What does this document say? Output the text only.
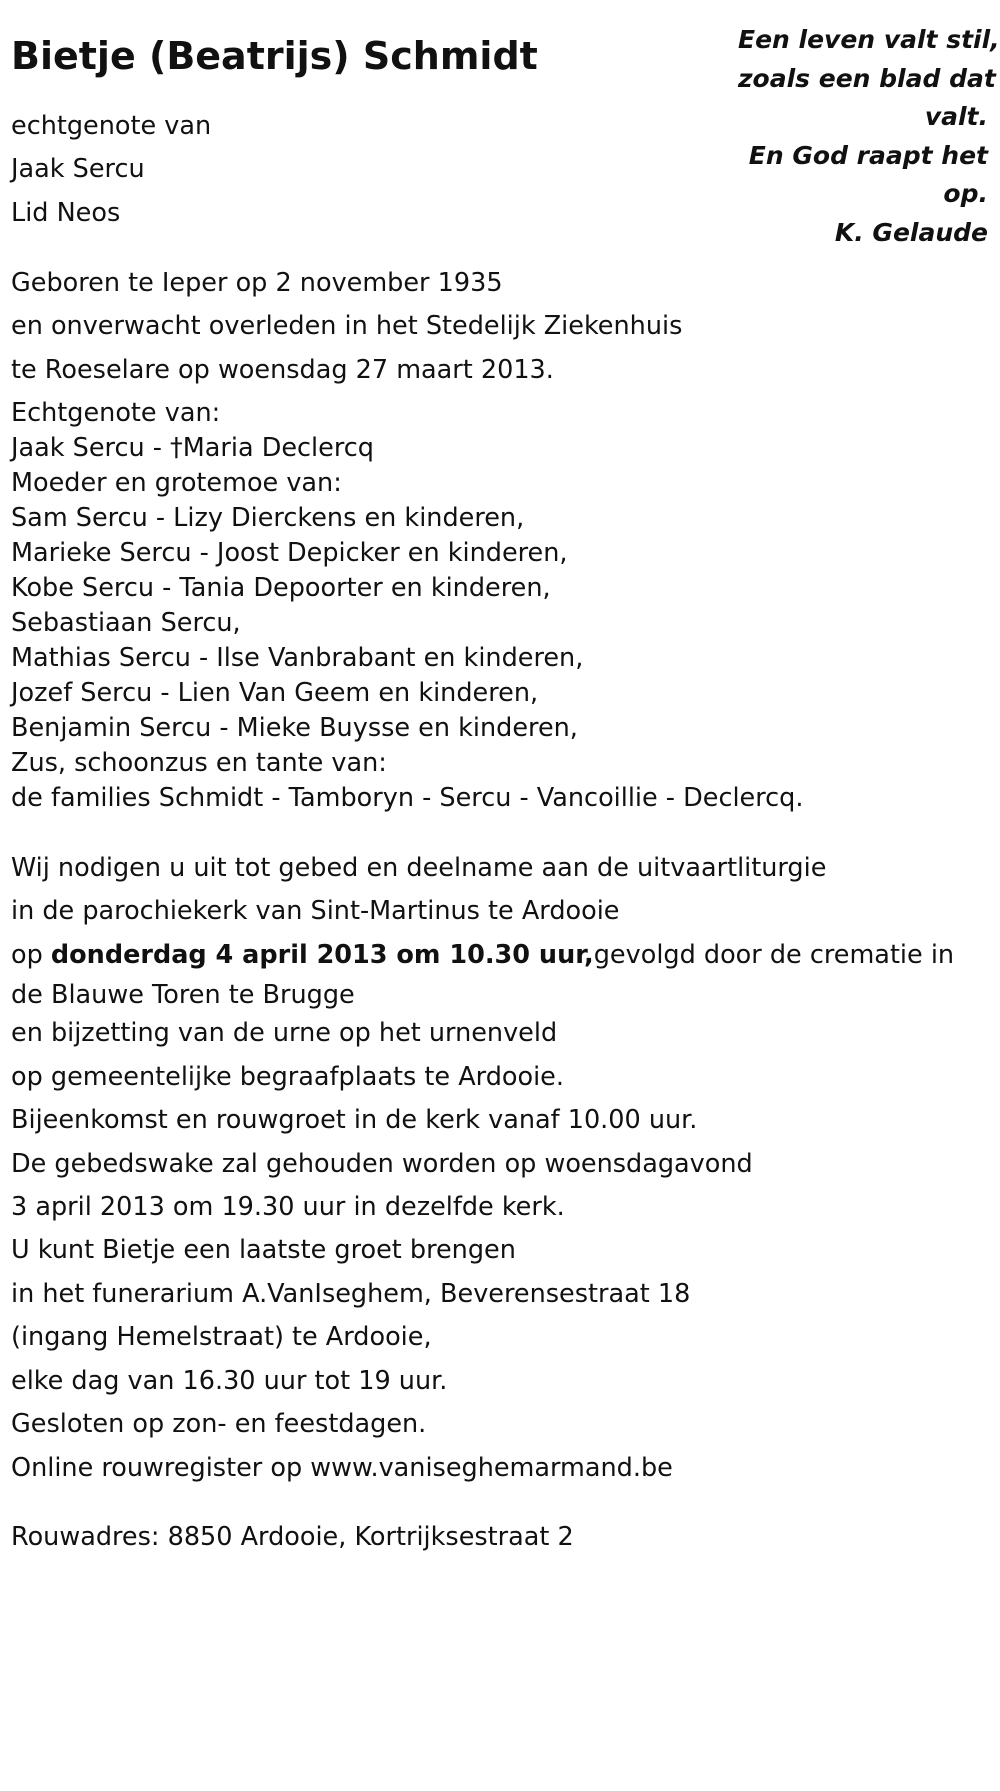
Bietje (Beatrijs) Schmidt	Een leven valt stil,
zoals een blad dat
valt.
En God raapt het
op.
K. Gelaude
echtgenote van
Jaak Sercu
Lid Neos
Geboren te Ieper op 2 november 1935
en onverwacht overleden in het Stedelijk Ziekenhuis
te Roeselare op woensdag 27 maart 2013.
Echtgenote van:
Jaak Sercu - †Maria Declercq
Moeder en grotemoe van:
Sam Sercu - Lizy Dierckens en kinderen,
Marieke Sercu - Joost Depicker en kinderen,
Kobe Sercu - Tania Depoorter en kinderen,
Sebastiaan Sercu,
Mathias Sercu - Ilse Vanbrabant en kinderen,
Jozef Sercu - Lien Van Geem en kinderen,
Benjamin Sercu - Mieke Buysse en kinderen,
Zus, schoonzus en tante van:
de families Schmidt - Tamboryn - Sercu - Vancoillie - Declercq.
Wij nodigen u uit tot gebed en deelname aan de uitvaartliturgie
in de parochiekerk van Sint-Martinus te Ardooie
op donderdag 4 april 2013 om 10.30 uur,gevolgd door de crematie in de Blauwe Toren te Brugge
en bijzetting van de urne op het urnenveld
op gemeentelijke begraafplaats te Ardooie.
Bijeenkomst en rouwgroet in de kerk vanaf 10.00 uur.
De gebedswake zal gehouden worden op woensdagavond
3 april 2013 om 19.30 uur in dezelfde kerk.
U kunt Bietje een laatste groet brengen
in het funerarium A.VanIseghem, Beverensestraat 18
(ingang Hemelstraat) te Ardooie,
elke dag van 16.30 uur tot 19 uur.
Gesloten op zon- en feestdagen.
Online rouwregister op www.vaniseghemarmand.be
Rouwadres: 8850 Ardooie, Kortrijksestraat 2
